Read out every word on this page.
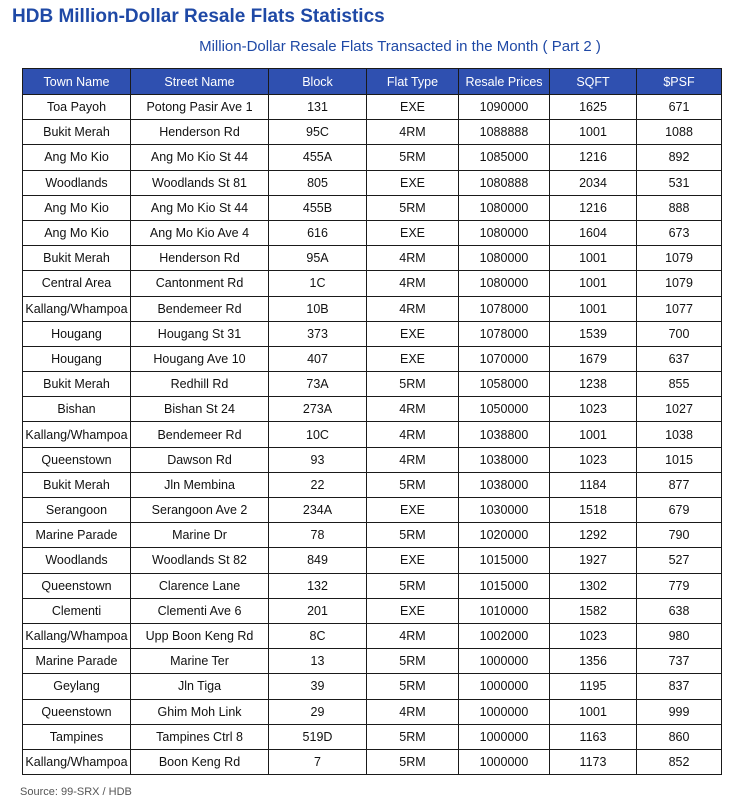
HDB Million-Dollar Resale Flats Statistics
Million-Dollar Resale Flats Transacted in the Month ( Part 2 )
Town Name	Street Name	Block	Flat Type	Resale Prices	SQFT	$PSF
Toa Payoh	Potong Pasir Ave 1	131	EXE	1090000	1625	671
Bukit Merah	Henderson Rd	95C	4RM	1088888	1001	1088
Ang Mo Kio	Ang Mo Kio St 44	455A	5RM	1085000	1216	892
Woodlands	Woodlands St 81	805	EXE	1080888	2034	531
Ang Mo Kio	Ang Mo Kio St 44	455B	5RM	1080000	1216	888
Ang Mo Kio	Ang Mo Kio Ave 4	616	EXE	1080000	1604	673
Bukit Merah	Henderson Rd	95A	4RM	1080000	1001	1079
Central Area	Cantonment Rd	1C	4RM	1080000	1001	1079
Kallang/Whampoa	Bendemeer Rd	10B	4RM	1078000	1001	1077
Hougang	Hougang St 31	373	EXE	1078000	1539	700
Hougang	Hougang Ave 10	407	EXE	1070000	1679	637
Bukit Merah	Redhill Rd	73A	5RM	1058000	1238	855
Bishan	Bishan St 24	273A	4RM	1050000	1023	1027
Kallang/Whampoa	Bendemeer Rd	10C	4RM	1038800	1001	1038
Queenstown	Dawson Rd	93	4RM	1038000	1023	1015
Bukit Merah	Jln Membina	22	5RM	1038000	1184	877
Serangoon	Serangoon Ave 2	234A	EXE	1030000	1518	679
Marine Parade	Marine Dr	78	5RM	1020000	1292	790
Woodlands	Woodlands St 82	849	EXE	1015000	1927	527
Queenstown	Clarence Lane	132	5RM	1015000	1302	779
Clementi	Clementi Ave 6	201	EXE	1010000	1582	638
Kallang/Whampoa	Upp Boon Keng Rd	8C	4RM	1002000	1023	980
Marine Parade	Marine Ter	13	5RM	1000000	1356	737
Geylang	Jln Tiga	39	5RM	1000000	1195	837
Queenstown	Ghim Moh Link	29	4RM	1000000	1001	999
Tampines	Tampines Ctrl 8	519D	5RM	1000000	1163	860
Kallang/Whampoa	Boon Keng Rd	7	5RM	1000000	1173	852
Source: 99-SRX / HDB
